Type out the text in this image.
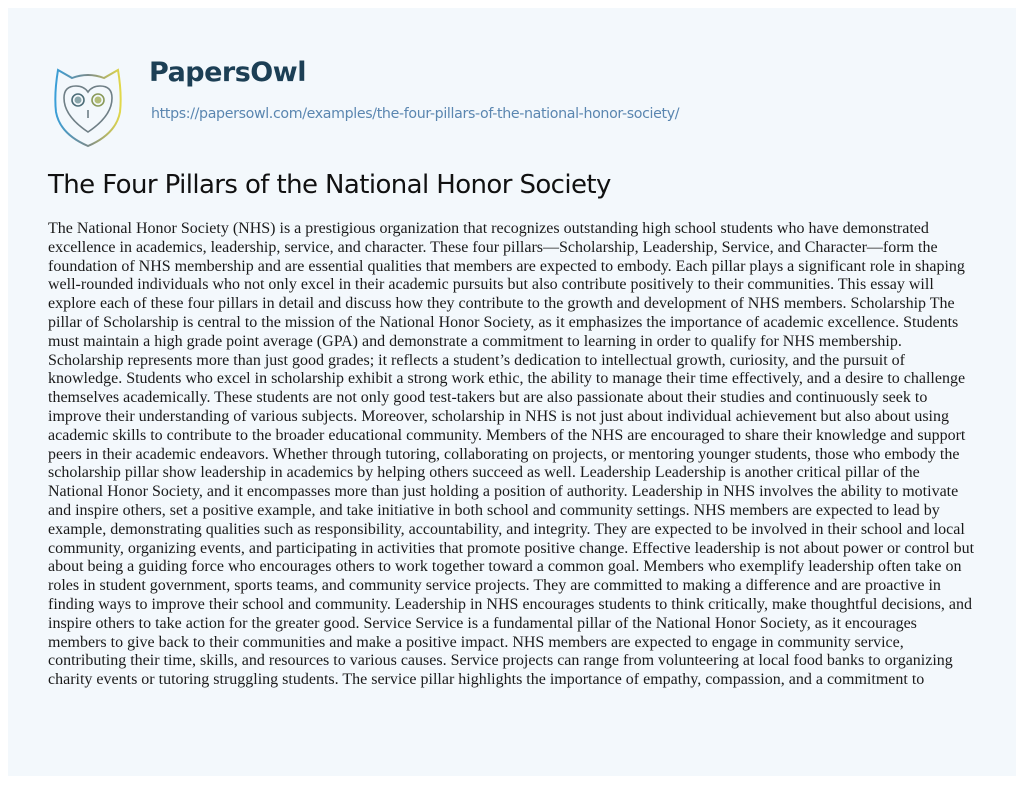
PapersOwl
https://papersowl.com/examples/the-four-pillars-of-the-national-honor-society/
The Four Pillars of the National Honor Society

The National Honor Society (NHS) is a prestigious organization that recognizes outstanding high school students who have demonstrated
excellence in academics, leadership, service, and character. These four pillars—Scholarship, Leadership, Service, and Character—form the
foundation of NHS membership and are essential qualities that members are expected to embody. Each pillar plays a significant role in shaping
well-rounded individuals who not only excel in their academic pursuits but also contribute positively to their communities. This essay will
explore each of these four pillars in detail and discuss how they contribute to the growth and development of NHS members. Scholarship The
pillar of Scholarship is central to the mission of the National Honor Society, as it emphasizes the importance of academic excellence. Students
must maintain a high grade point average (GPA) and demonstrate a commitment to learning in order to qualify for NHS membership.
Scholarship represents more than just good grades; it reflects a student’s dedication to intellectual growth, curiosity, and the pursuit of
knowledge. Students who excel in scholarship exhibit a strong work ethic, the ability to manage their time effectively, and a desire to challenge
themselves academically. These students are not only good test-takers but are also passionate about their studies and continuously seek to
improve their understanding of various subjects. Moreover, scholarship in NHS is not just about individual achievement but also about using
academic skills to contribute to the broader educational community. Members of the NHS are encouraged to share their knowledge and support
peers in their academic endeavors. Whether through tutoring, collaborating on projects, or mentoring younger students, those who embody the
scholarship pillar show leadership in academics by helping others succeed as well. Leadership Leadership is another critical pillar of the
National Honor Society, and it encompasses more than just holding a position of authority. Leadership in NHS involves the ability to motivate
and inspire others, set a positive example, and take initiative in both school and community settings. NHS members are expected to lead by
example, demonstrating qualities such as responsibility, accountability, and integrity. They are expected to be involved in their school and local
community, organizing events, and participating in activities that promote positive change. Effective leadership is not about power or control but
about being a guiding force who encourages others to work together toward a common goal. Members who exemplify leadership often take on
roles in student government, sports teams, and community service projects. They are committed to making a difference and are proactive in
finding ways to improve their school and community. Leadership in NHS encourages students to think critically, make thoughtful decisions, and
inspire others to take action for the greater good. Service Service is a fundamental pillar of the National Honor Society, as it encourages
members to give back to their communities and make a positive impact. NHS members are expected to engage in community service,
contributing their time, skills, and resources to various causes. Service projects can range from volunteering at local food banks to organizing
charity events or tutoring struggling students. The service pillar highlights the importance of empathy, compassion, and a commitment to
